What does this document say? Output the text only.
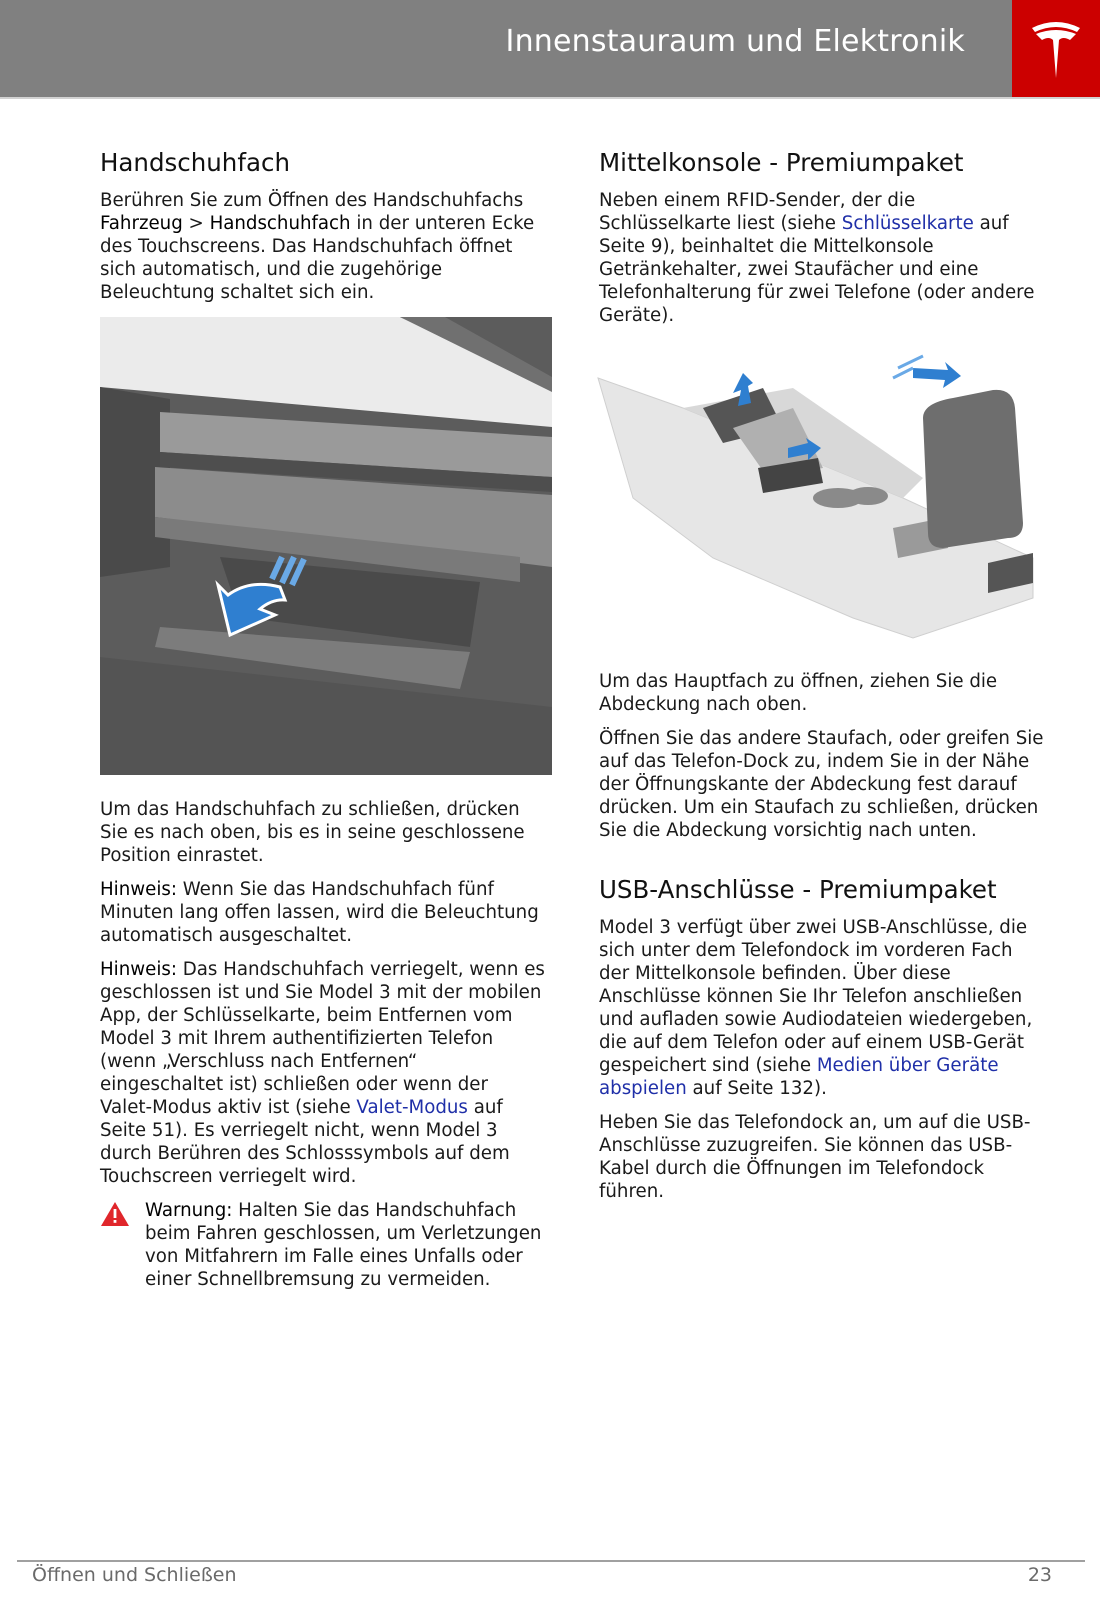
Innenstauraum und Elektronik
Handschuhfach

Berühren Sie zum Öffnen des Handschuhfachs Fahrzeug > Handschuhfach in der unteren Ecke des Touchscreens. Das Handschuhfach öffnet sich automatisch, und die zugehörige Beleuchtung schaltet sich ein.

Um das Handschuhfach zu schließen, drücken Sie es nach oben, bis es in seine geschlossene Position einrastet.

Hinweis: Wenn Sie das Handschuhfach fünf Minuten lang offen lassen, wird die Beleuchtung automatisch ausgeschaltet.

Hinweis: Das Handschuhfach verriegelt, wenn es geschlossen ist und Sie Model 3 mit der mobilen App, der Schlüsselkarte, beim Entfernen vom Model 3 mit Ihrem authentifizierten Telefon (wenn „Verschluss nach Entfernen“ eingeschaltet ist) schließen oder wenn der Valet-Modus aktiv ist (siehe Valet-Modus auf Seite 51). Es verriegelt nicht, wenn Model 3 durch Berühren des Schlosssymbols auf dem Touchscreen verriegelt wird.

Warnung: Halten Sie das Handschuhfach beim Fahren geschlossen, um Verletzungen von Mitfahrern im Falle eines Unfalls oder einer Schnellbremsung zu vermeiden.
Mittelkonsole - Premiumpaket

Neben einem RFID-Sender, der die Schlüsselkarte liest (siehe Schlüsselkarte auf Seite 9), beinhaltet die Mittelkonsole Getränkehalter, zwei Staufächer und eine Telefonhalterung für zwei Telefone (oder andere Geräte).

Um das Hauptfach zu öffnen, ziehen Sie die Abdeckung nach oben.

Öffnen Sie das andere Staufach, oder greifen Sie auf das Telefon-Dock zu, indem Sie in der Nähe der Öffnungskante der Abdeckung fest darauf drücken. Um ein Staufach zu schließen, drücken Sie die Abdeckung vorsichtig nach unten.

USB-Anschlüsse - Premiumpaket

Model 3 verfügt über zwei USB-Anschlüsse, die sich unter dem Telefondock im vorderen Fach der Mittelkonsole befinden. Über diese Anschlüsse können Sie Ihr Telefon anschließen und aufladen sowie Audiodateien wiedergeben, die auf dem Telefon oder auf einem USB-Gerät gespeichert sind (siehe Medien über Geräte abspielen auf Seite 132).

Heben Sie das Telefondock an, um auf die USB-Anschlüsse zuzugreifen. Sie können das USB-Kabel durch die Öffnungen im Telefondock führen.

Öffnen und Schließen	23
